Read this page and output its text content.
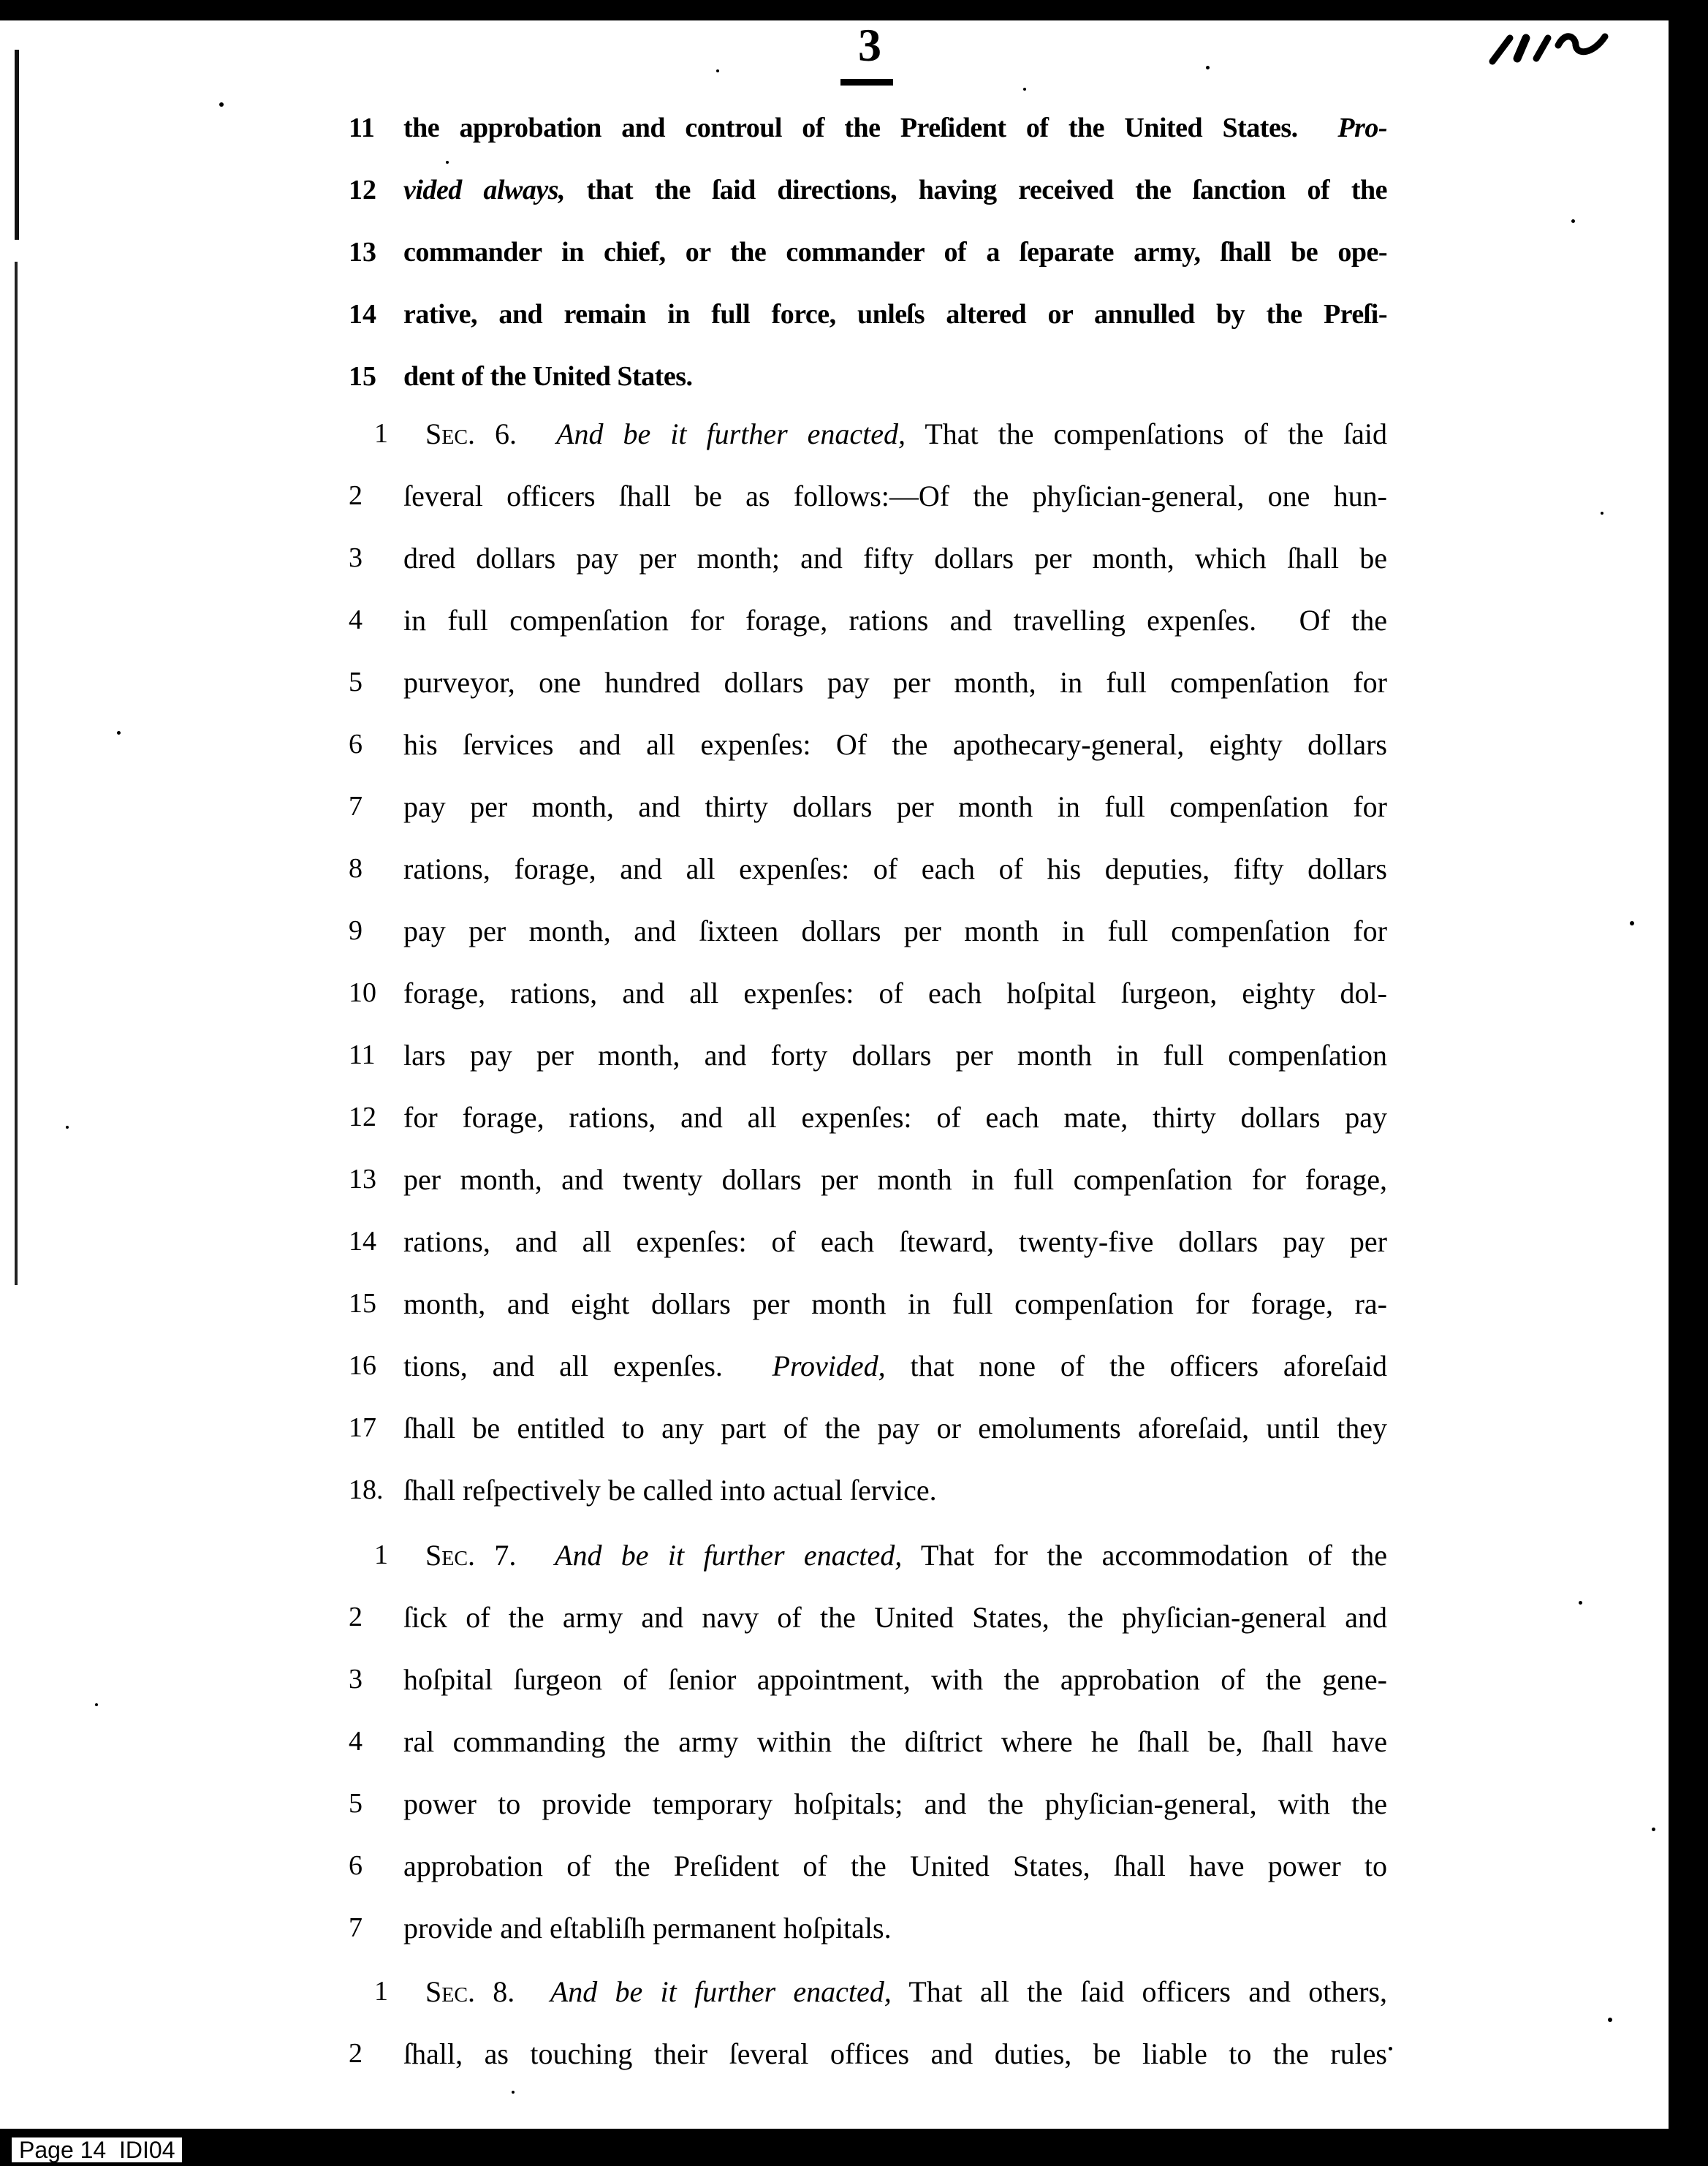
3
11	the approbation and controul of the Preſident of the United States.  Pro-
12 vided always, that the ſaid directions, having received the ſanction of the
13 commander in chief, or the commander of a ſeparate army, ſhall be ope-
14 rative, and remain in full force, unleſs altered or annulled by the Preſi-
15 dent of the United States.
1	Sec. 6. And be it further enacted, That the compenſations of the ſaid
2	ſeveral officers ſhall be as follows:—Of the phyſician-general, one hun-
3	dred dollars pay per month; and fifty dollars per month, which ſhall be
4	in full compenſation for forage, rations and travelling expenſes.  Of the
5	purveyor, one hundred dollars pay per month, in full compenſation for
6	his ſervices and all expenſes: Of the apothecary-general, eighty dollars
7	pay per month, and thirty dollars per month in full compenſation for
8	rations, forage, and all expenſes: of each of his deputies, fifty dollars
9	pay per month, and ſixteen dollars per month in full compenſation for
10 forage, rations, and all expenſes: of each hoſpital ſurgeon, eighty dol-
11 lars pay per month, and forty dollars per month in full compenſation
12 for forage, rations, and all expenſes: of each mate, thirty dollars pay
13 per month, and twenty dollars per month in full compenſation for forage,
14 rations, and all expenſes: of each ſteward, twenty-five dollars pay per
15 month, and eight dollars per month in full compenſation for forage, ra-
16 tions, and all expenſes.  Provided, that none of the officers aforeſaid
17 ſhall be entitled to any part of the pay or emoluments aforeſaid, until they
18. ſhall reſpectively be called into actual ſervice.
1	Sec. 7. And be it further enacted, That for the accommodation of the
2	ſick of the army and navy of the United States, the phyſician-general and
3	hoſpital ſurgeon of ſenior appointment, with the approbation of the gene-
4	ral commanding the army within the diſtrict where he ſhall be, ſhall have
5	power to provide temporary hoſpitals; and the phyſician-general, with the
6	approbation of the Preſident of the United States, ſhall have power to
7	provide and eſtabliſh permanent hoſpitals.
1	Sec. 8. And be it further enacted, That all the ſaid officers and others,
2	ſhall, as touching their ſeveral offices and duties, be liable to the rules
Page 14  IDI04
